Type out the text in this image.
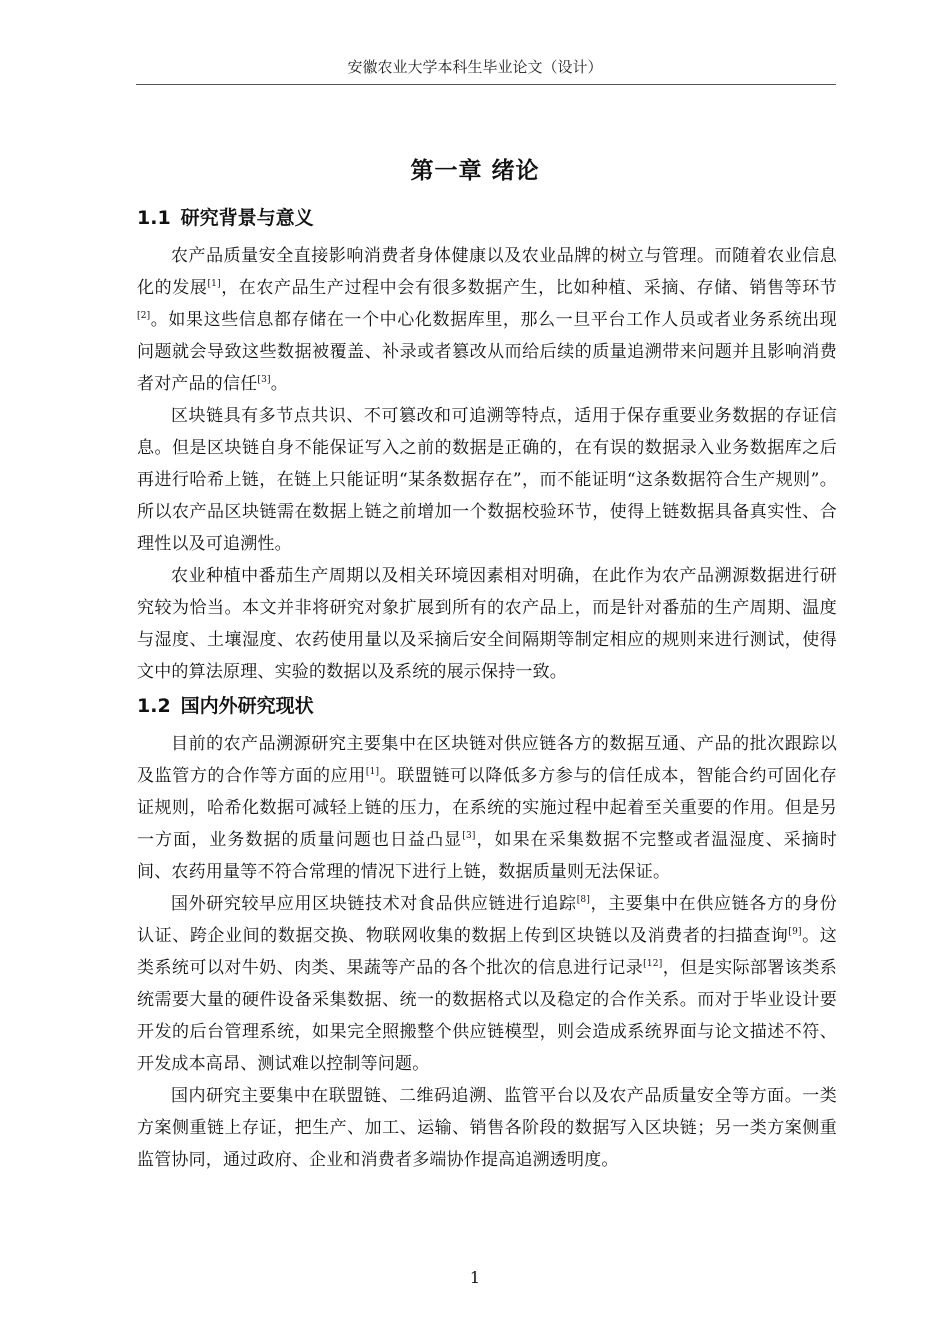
安徽农业大学本科生毕业论文（设计）
第一章 绪论
1.1 研究背景与意义

农产品质量安全直接影响消费者身体健康以及农业品牌的树立与管理。而随着农业信息化的发展[1]，在农产品生产过程中会有很多数据产生，比如种植、采摘、存储、销售等环节[2]。如果这些信息都存储在一个中心化数据库里，那么一旦平台工作人员或者业务系统出现问题就会导致这些数据被覆盖、补录或者篡改从而给后续的质量追溯带来问题并且影响消费者对产品的信任[3]。

区块链具有多节点共识、不可篡改和可追溯等特点，适用于保存重要业务数据的存证信息。但是区块链自身不能保证写入之前的数据是正确的，在有误的数据录入业务数据库之后再进行哈希上链，在链上只能证明“某条数据存在”，而不能证明“这条数据符合生产规则”。所以农产品区块链需在数据上链之前增加一个数据校验环节，使得上链数据具备真实性、合理性以及可追溯性。

农业种植中番茄生产周期以及相关环境因素相对明确，在此作为农产品溯源数据进行研究较为恰当。本文并非将研究对象扩展到所有的农产品上，而是针对番茄的生产周期、温度与湿度、土壤湿度、农药使用量以及采摘后安全间隔期等制定相应的规则来进行测试，使得文中的算法原理、实验的数据以及系统的展示保持一致。

1.2 国内外研究现状

目前的农产品溯源研究主要集中在区块链对供应链各方的数据互通、产品的批次跟踪以及监管方的合作等方面的应用[1]。联盟链可以降低多方参与的信任成本，智能合约可固化存证规则，哈希化数据可减轻上链的压力，在系统的实施过程中起着至关重要的作用。但是另一方面，业务数据的质量问题也日益凸显[3]，如果在采集数据不完整或者温湿度、采摘时间、农药用量等不符合常理的情况下进行上链，数据质量则无法保证。

国外研究较早应用区块链技术对食品供应链进行追踪[8]，主要集中在供应链各方的身份认证、跨企业间的数据交换、物联网收集的数据上传到区块链以及消费者的扫描查询[9]。这类系统可以对牛奶、肉类、果蔬等产品的各个批次的信息进行记录[12]，但是实际部署该类系统需要大量的硬件设备采集数据、统一的数据格式以及稳定的合作关系。而对于毕业设计要开发的后台管理系统，如果完全照搬整个供应链模型，则会造成系统界面与论文描述不符、开发成本高昂、测试难以控制等问题。

国内研究主要集中在联盟链、二维码追溯、监管平台以及农产品质量安全等方面。一类方案侧重链上存证，把生产、加工、运输、销售各阶段的数据写入区块链；另一类方案侧重监管协同，通过政府、企业和消费者多端协作提高追溯透明度。

1
